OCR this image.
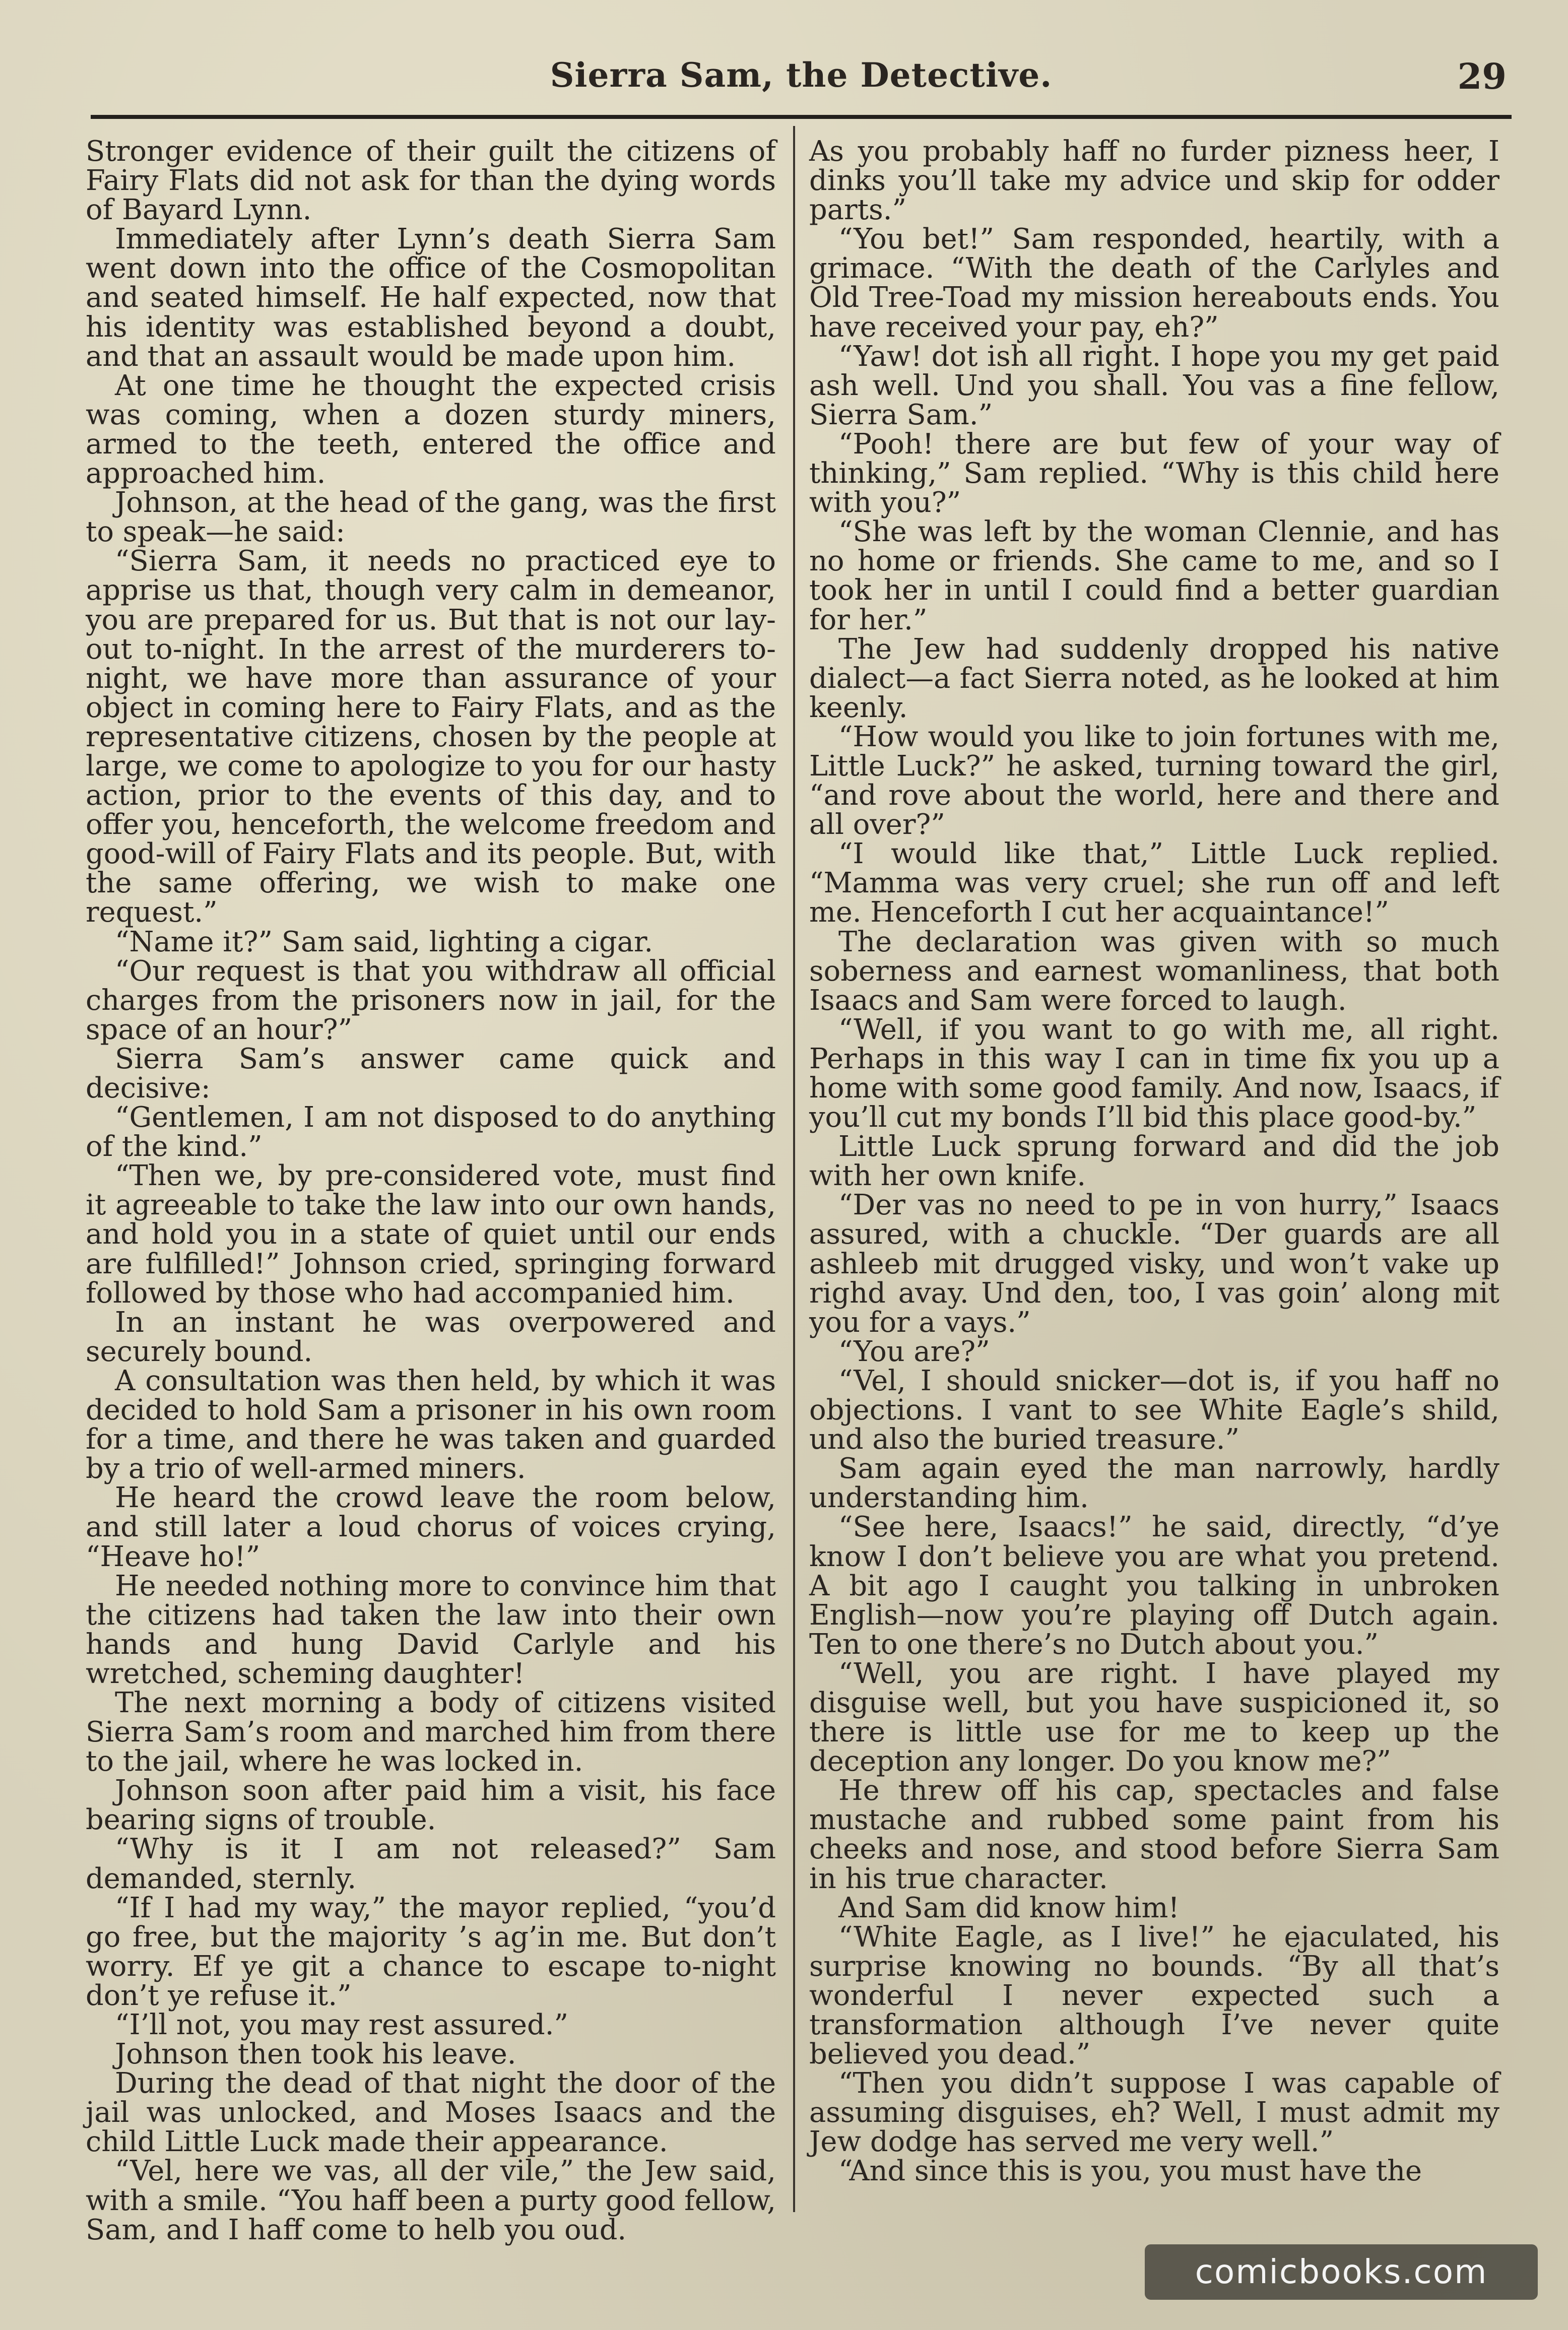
Sierra Sam, the Detective.	29

Stronger evidence of their guilt the citizens of Fairy Flats did not ask for than the dying words of Bayard Lynn.

Immediately after Lynn’s death Sierra Sam went down into the office of the Cosmopolitan and seated himself. He half expected, now that his identity was established beyond a doubt, and that an assault would be made upon him.

At one time he thought the expected crisis was coming, when a dozen sturdy miners, armed to the teeth, entered the office and approached him.

Johnson, at the head of the gang, was the first to speak—he said:

“Sierra Sam, it needs no practiced eye to apprise us that, though very calm in demeanor, you are prepared for us. But that is not our lay-out to-night. In the arrest of the murderers to-night, we have more than assurance of your object in coming here to Fairy Flats, and as the representative citizens, chosen by the people at large, we come to apologize to you for our hasty action, prior to the events of this day, and to offer you, henceforth, the welcome freedom and good-will of Fairy Flats and its people. But, with the same offering, we wish to make one request.”

“Name it?” Sam said, lighting a cigar.

“Our request is that you withdraw all official charges from the prisoners now in jail, for the space of an hour?”

Sierra Sam’s answer came quick and decisive:

“Gentlemen, I am not disposed to do anything of the kind.”

“Then we, by pre-considered vote, must find it agreeable to take the law into our own hands, and hold you in a state of quiet until our ends are fulfilled!” Johnson cried, springing forward followed by those who had accompanied him.

In an instant he was overpowered and securely bound.

A consultation was then held, by which it was decided to hold Sam a prisoner in his own room for a time, and there he was taken and guarded by a trio of well-armed miners.

He heard the crowd leave the room below, and still later a loud chorus of voices crying, “Heave ho!”

He needed nothing more to convince him that the citizens had taken the law into their own hands and hung David Carlyle and his wretched, scheming daughter!

The next morning a body of citizens visited Sierra Sam’s room and marched him from there to the jail, where he was locked in.

Johnson soon after paid him a visit, his face bearing signs of trouble.

“Why is it I am not released?” Sam demanded, sternly.

“If I had my way,” the mayor replied, “you’d go free, but the majority ’s ag’in me. But don’t worry. Ef ye git a chance to escape to-night don’t ye refuse it.”

“I’ll not, you may rest assured.”

Johnson then took his leave.

During the dead of that night the door of the jail was unlocked, and Moses Isaacs and the child Little Luck made their appearance.

“Vel, here we vas, all der vile,” the Jew said, with a smile. “You haff been a purty good fellow, Sam, and I haff come to helb you oud.

As you probably haff no furder pizness heer, I dinks you’ll take my advice und skip for odder parts.”

“You bet!” Sam responded, heartily, with a grimace. “With the death of the Carlyles and Old Tree-Toad my mission hereabouts ends. You have received your pay, eh?”

“Yaw! dot ish all right. I hope you my get paid ash well. Und you shall. You vas a fine fellow, Sierra Sam.”

“Pooh! there are but few of your way of thinking,” Sam replied. “Why is this child here with you?”

“She was left by the woman Clennie, and has no home or friends. She came to me, and so I took her in until I could find a better guardian for her.”

The Jew had suddenly dropped his native dialect—a fact Sierra noted, as he looked at him keenly.

“How would you like to join fortunes with me, Little Luck?” he asked, turning toward the girl, “and rove about the world, here and there and all over?”

“I would like that,” Little Luck replied. “Mamma was very cruel; she run off and left me. Henceforth I cut her acquaintance!”

The declaration was given with so much soberness and earnest womanliness, that both Isaacs and Sam were forced to laugh.

“Well, if you want to go with me, all right. Perhaps in this way I can in time fix you up a home with some good family. And now, Isaacs, if you’ll cut my bonds I’ll bid this place good-by.”

Little Luck sprung forward and did the job with her own knife.

“Der vas no need to pe in von hurry,” Isaacs assured, with a chuckle. “Der guards are all ashleeb mit drugged visky, und won’t vake up righd avay. Und den, too, I vas goin’ along mit you for a vays.”

“You are?”

“Vel, I should snicker—dot is, if you haff no objections. I vant to see White Eagle’s shild, und also the buried treasure.”

Sam again eyed the man narrowly, hardly understanding him.

“See here, Isaacs!” he said, directly, “d’ye know I don’t believe you are what you pretend. A bit ago I caught you talking in unbroken English—now you’re playing off Dutch again. Ten to one there’s no Dutch about you.”

“Well, you are right. I have played my disguise well, but you have suspicioned it, so there is little use for me to keep up the deception any longer. Do you know me?”

He threw off his cap, spectacles and false mustache and rubbed some paint from his cheeks and nose, and stood before Sierra Sam in his true character.

And Sam did know him!

“White Eagle, as I live!” he ejaculated, his surprise knowing no bounds. “By all that’s wonderful I never expected such a transformation although I’ve never quite believed you dead.”

“Then you didn’t suppose I was capable of assuming disguises, eh? Well, I must admit my Jew dodge has served me very well.”

“And since this is you, you must have the

comicbooks.com
